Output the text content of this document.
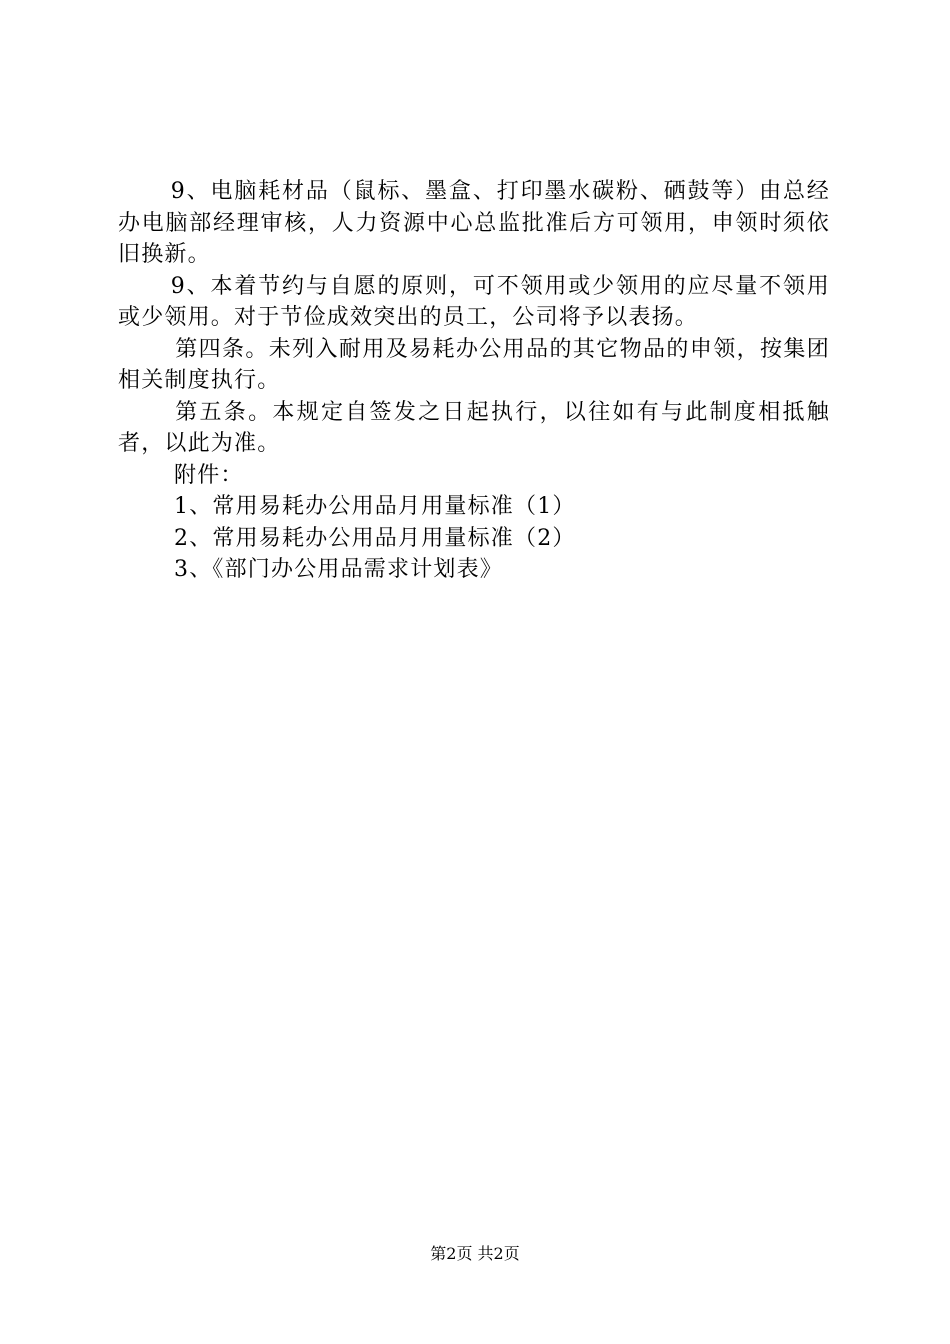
9、电脑耗材品（鼠标、墨盒、打印墨水碳粉、硒鼓等）由总经办电脑部经理审核，人力资源中心总监批准后方可领用，申领时须依旧换新。

9、本着节约与自愿的原则，可不领用或少领用的应尽量不领用或少领用。对于节俭成效突出的员工，公司将予以表扬。

第四条。未列入耐用及易耗办公用品的其它物品的申领，按集团相关制度执行。

第五条。本规定自签发之日起执行，以往如有与此制度相抵触者，以此为准。

附件：

1、常用易耗办公用品月用量标准（1）

2、常用易耗办公用品月用量标准（2）

3、《部门办公用品需求计划表》

第2页 共2页
